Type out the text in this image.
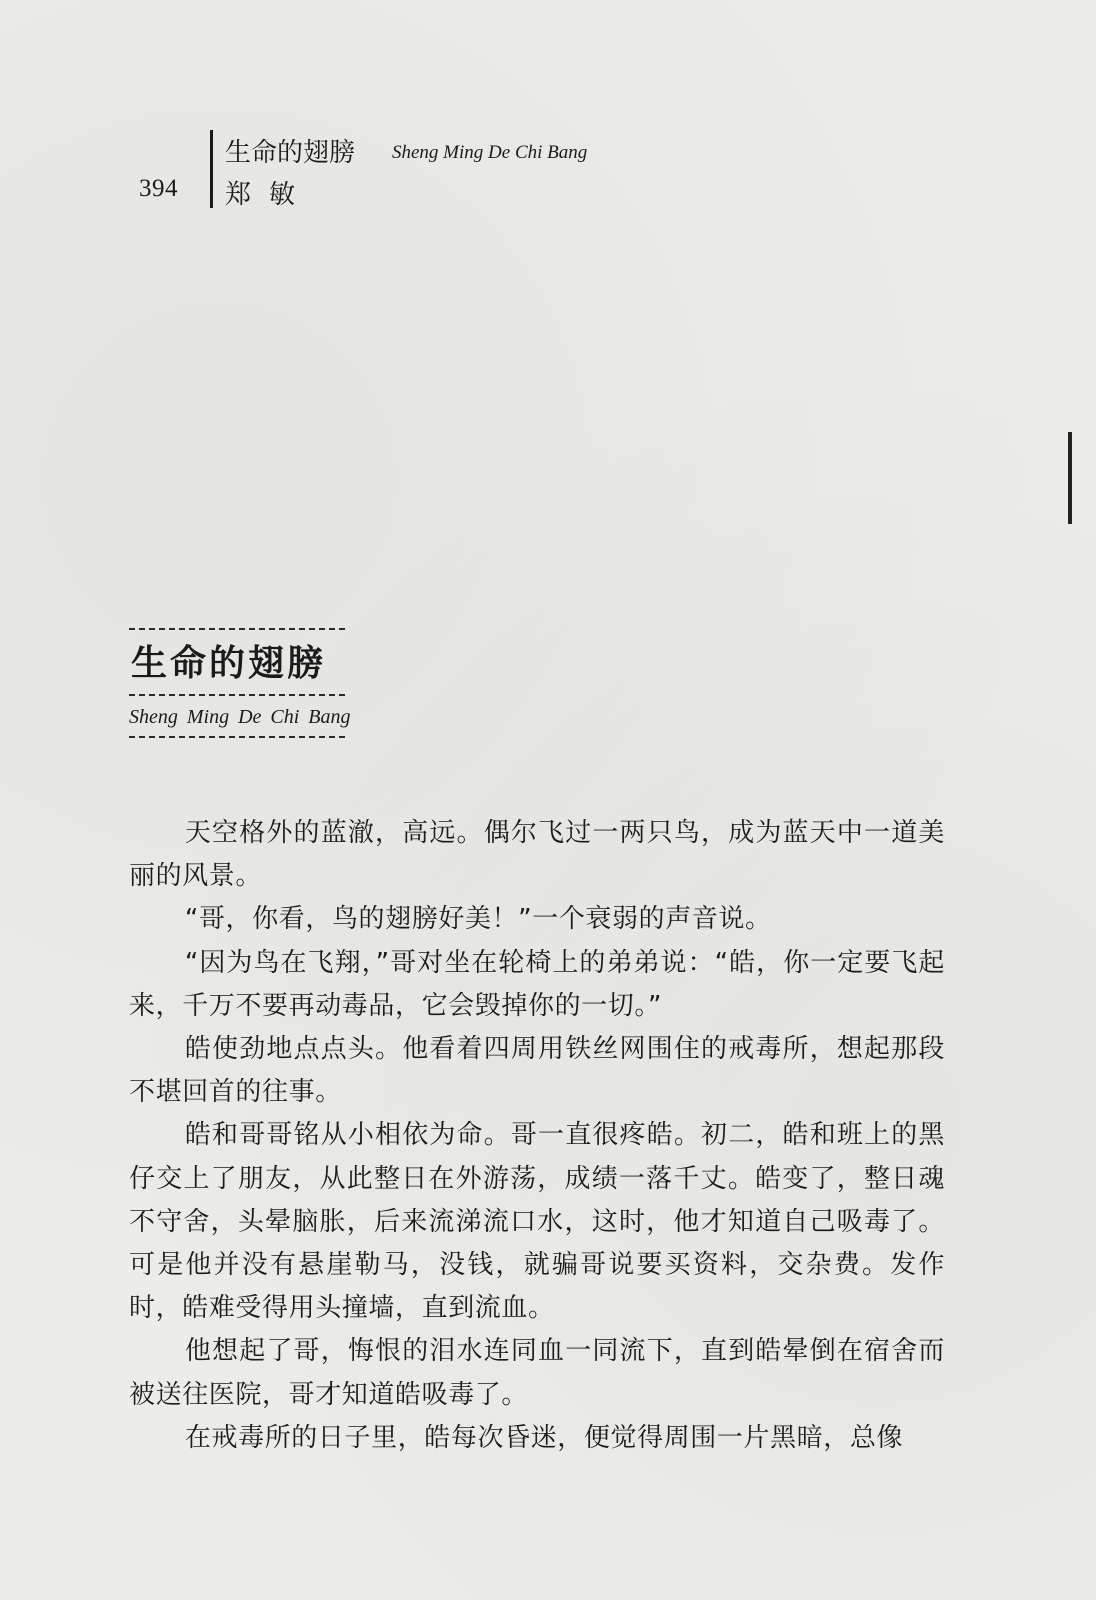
394
生命的翅膀 Sheng Ming De Chi Bang
郑敏
生命的翅膀
Sheng Ming De Chi Bang

天空格外的蓝澈，高远。偶尔飞过一两只鸟，成为蓝天中一道美丽的风景。

“哥，你看，鸟的翅膀好美！”一个衰弱的声音说。

“因为鸟在飞翔，”哥对坐在轮椅上的弟弟说：“皓，你一定要飞起来，千万不要再动毒品，它会毁掉你的一切。”

皓使劲地点点头。他看着四周用铁丝网围住的戒毒所，想起那段不堪回首的往事。

皓和哥哥铭从小相依为命。哥一直很疼皓。初二，皓和班上的黑仔交上了朋友，从此整日在外游荡，成绩一落千丈。皓变了，整日魂不守舍，头晕脑胀，后来流涕流口水，这时，他才知道自己吸毒了。可是他并没有悬崖勒马，没钱，就骗哥说要买资料，交杂费。发作时，皓难受得用头撞墙，直到流血。

他想起了哥，悔恨的泪水连同血一同流下，直到皓晕倒在宿舍而被送往医院，哥才知道皓吸毒了。

在戒毒所的日子里，皓每次昏迷，便觉得周围一片黑暗，总像
